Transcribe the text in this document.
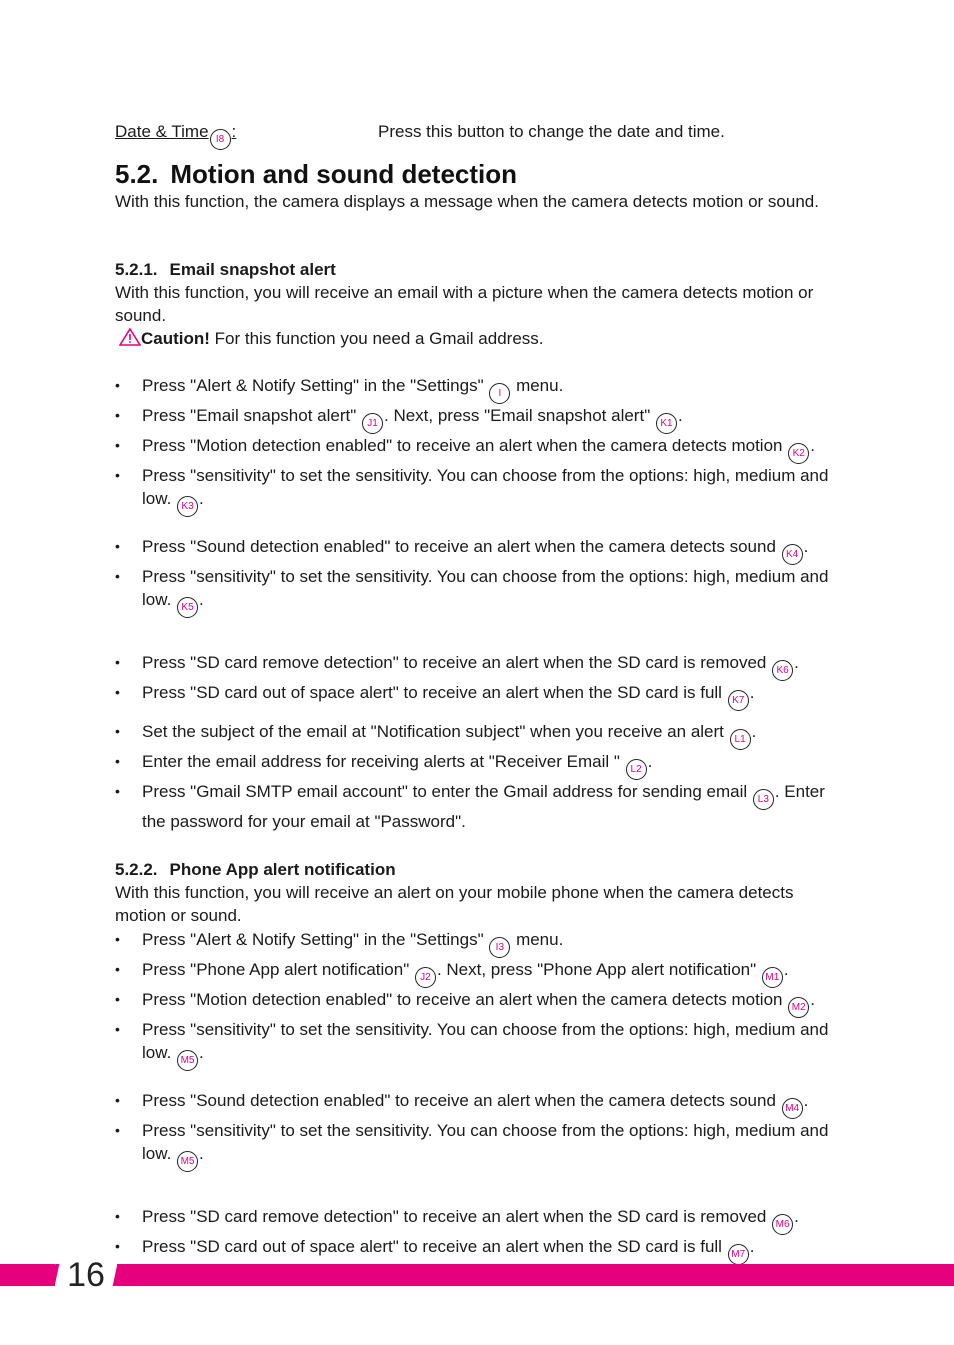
Date & Time I8 :	Press this button to change the date and time.
5.2. Motion and sound detection

With this function, the camera displays a message when the camera detects motion or sound.

5.2.1. Email snapshot alert

With this function, you will receive an email with a picture when the camera detects motion or sound.

Caution! For this function you need a Gmail address.

• Press "Alert & Notify Setting" in the "Settings" I menu.
• Press "Email snapshot alert" J1 . Next, press "Email snapshot alert" K1 .
• Press "Motion detection enabled" to receive an alert when the camera detects motion K2 .
• Press "sensitivity" to set the sensitivity. You can choose from the options: high, medium and low. K3 .
• Press "Sound detection enabled" to receive an alert when the camera detects sound K4 .
• Press "sensitivity" to set the sensitivity. You can choose from the options: high, medium and low. K5 .
• Press "SD card remove detection" to receive an alert when the SD card is removed K6 .
• Press "SD card out of space alert" to receive an alert when the SD card is full K7 .
• Set the subject of the email at "Notification subject" when you receive an alert L1 .
• Enter the email address for receiving alerts at "Receiver Email " L2 .
• Press "Gmail SMTP email account" to enter the Gmail address for sending email L3 . Enter the password for your email at "Password".
5.2.2. Phone App alert notification

With this function, you will receive an alert on your mobile phone when the camera detects motion or sound.

• Press "Alert & Notify Setting" in the "Settings" I3 menu.
• Press "Phone App alert notification" J2 . Next, press "Phone App alert notification" M1 .
• Press "Motion detection enabled" to receive an alert when the camera detects motion M2 .
• Press "sensitivity" to set the sensitivity. You can choose from the options: high, medium and low. M5 .
• Press "Sound detection enabled" to receive an alert when the camera detects sound M4 .
• Press "sensitivity" to set the sensitivity. You can choose from the options: high, medium and low. M5 .
• Press "SD card remove detection" to receive an alert when the SD card is removed M6 .
• Press "SD card out of space alert" to receive an alert when the SD card is full M7 .
16
